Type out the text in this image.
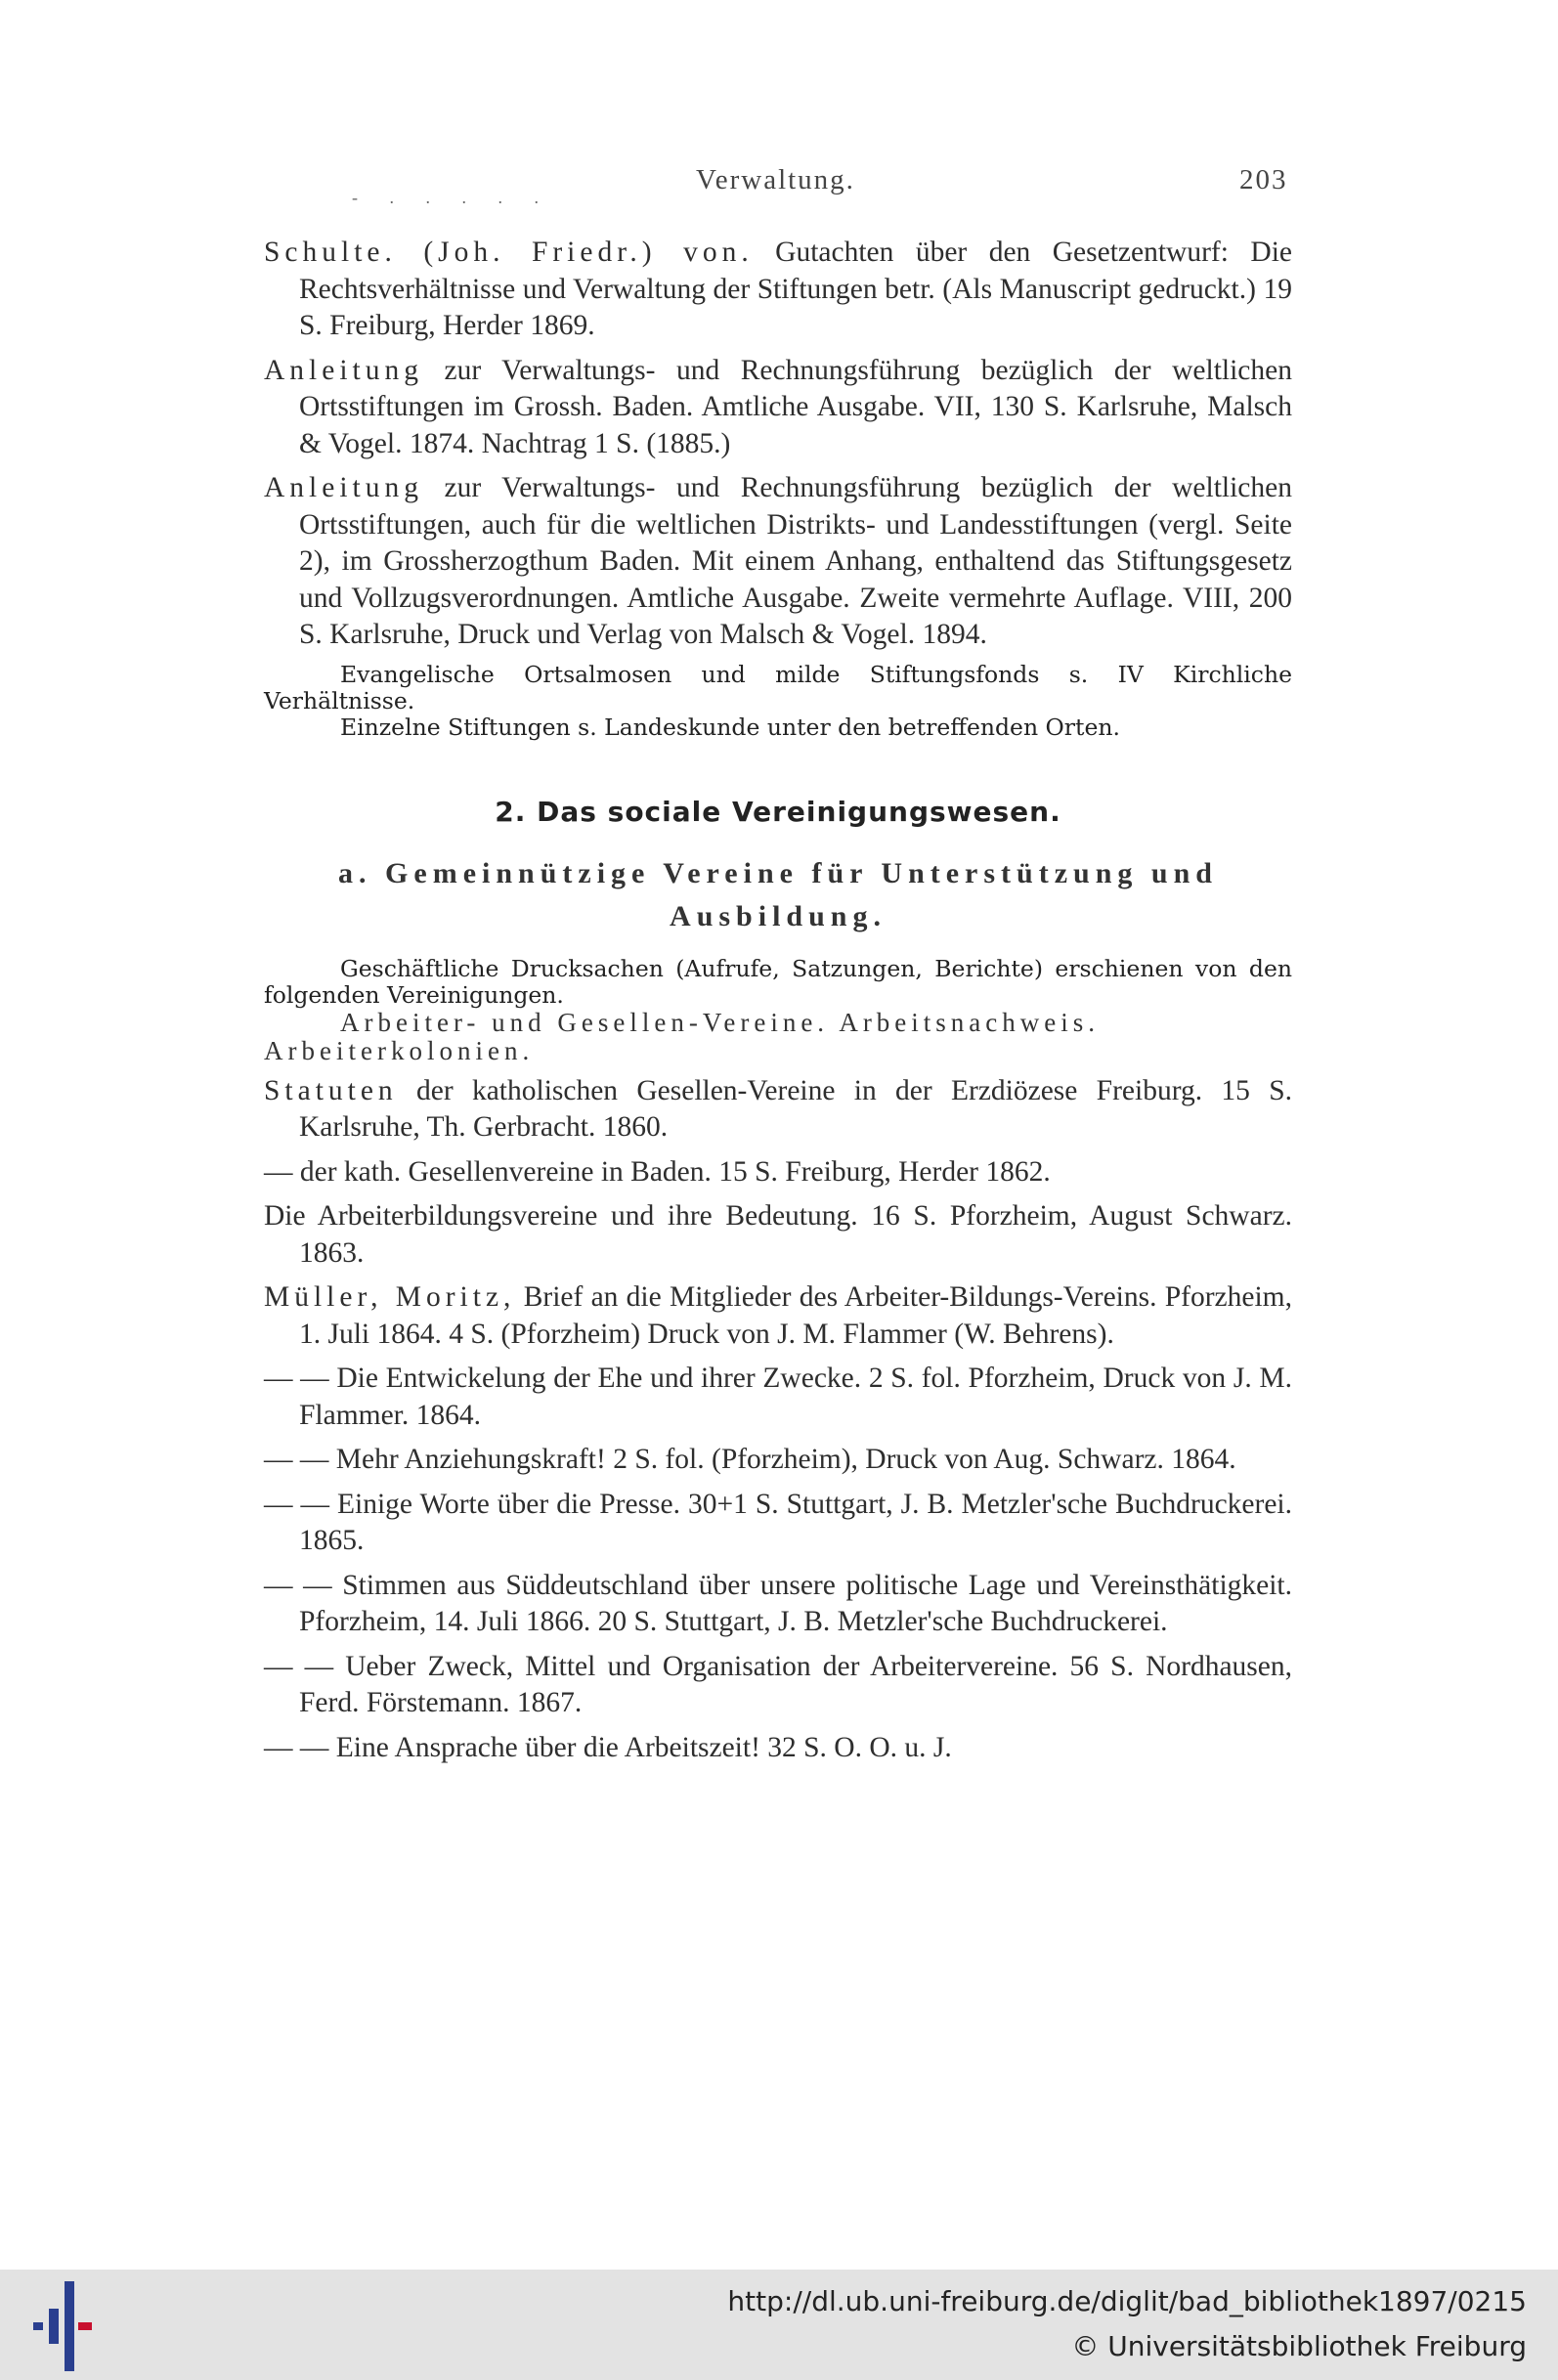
- . . . . .
Verwaltung.	203

Schulte. (Joh. Friedr.) von. Gutachten über den Gesetzentwurf: Die Rechtsverhältnisse und Verwaltung der Stiftungen betr. (Als Manuscript gedruckt.) 19 S. Freiburg, Herder 1869.

Anleitung zur Verwaltungs- und Rechnungsführung bezüglich der weltlichen Ortsstiftungen im Grossh. Baden. Amtliche Ausgabe. VII, 130 S. Karlsruhe, Malsch & Vogel. 1874. Nachtrag 1 S. (1885.)

Anleitung zur Verwaltungs- und Rechnungsführung bezüglich der weltlichen Ortsstiftungen, auch für die weltlichen Distrikts- und Landesstiftungen (vergl. Seite 2), im Grossherzogthum Baden. Mit einem Anhang, enthaltend das Stiftungsgesetz und Vollzugsverordnungen. Amtliche Ausgabe. Zweite vermehrte Auflage. VIII, 200 S. Karlsruhe, Druck und Verlag von Malsch & Vogel. 1894.

Evangelische Ortsalmosen und milde Stiftungsfonds s. IV Kirchliche Verhältnisse.

Einzelne Stiftungen s. Landeskunde unter den betreffenden Orten.

2. Das sociale Vereinigungswesen.
a. Gemeinnützige Vereine für Unterstützung und Ausbildung.

Geschäftliche Drucksachen (Aufrufe, Satzungen, Berichte) erschienen von den folgenden Vereinigungen.

Arbeiter- und Gesellen-Vereine. Arbeitsnachweis.

Arbeiterkolonien.

Statuten der katholischen Gesellen-Vereine in der Erzdiözese Freiburg. 15 S. Karlsruhe, Th. Gerbracht. 1860.

— der kath. Gesellenvereine in Baden. 15 S. Freiburg, Herder 1862.

Die Arbeiterbildungsvereine und ihre Bedeutung. 16 S. Pforzheim, August Schwarz. 1863.

Müller, Moritz, Brief an die Mitglieder des Arbeiter-Bildungs-Vereins. Pforzheim, 1. Juli 1864. 4 S. (Pforzheim) Druck von J. M. Flammer (W. Behrens).

— — Die Entwickelung der Ehe und ihrer Zwecke. 2 S. fol. Pforzheim, Druck von J. M. Flammer. 1864.

— — Mehr Anziehungskraft! 2 S. fol. (Pforzheim), Druck von Aug. Schwarz. 1864.

— — Einige Worte über die Presse. 30+1 S. Stuttgart, J. B. Metzler'sche Buchdruckerei. 1865.

— — Stimmen aus Süddeutschland über unsere politische Lage und Vereinsthätigkeit. Pforzheim, 14. Juli 1866. 20 S. Stuttgart, J. B. Metzler'sche Buchdruckerei.

— — Ueber Zweck, Mittel und Organisation der Arbeitervereine. 56 S. Nordhausen, Ferd. Förstemann. 1867.

— — Eine Ansprache über die Arbeitszeit! 32 S. O. O. u. J.

http://dl.ub.uni-freiburg.de/diglit/bad_bibliothek1897/0215
© Universitätsbibliothek Freiburg
